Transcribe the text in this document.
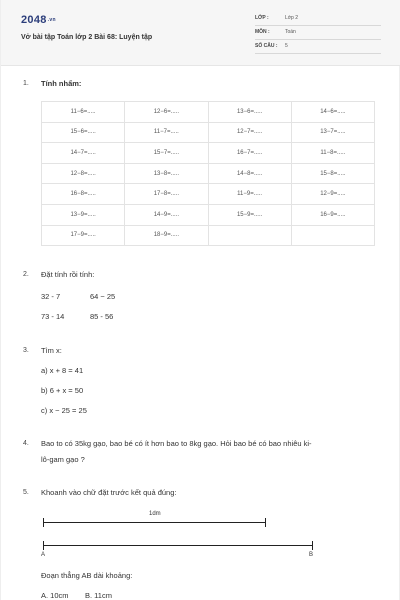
2048.vn
Vở bài tập Toán lớp 2 Bài 68: Luyện tập
LỚP :	Lớp 2
MÔN :	Toán
SỐ CÂU : 5
1. Tính nhẩm:
11−6=.....	12−6=.....	13−6=.....	14−6=.....
15−6=.....	11−7=.....	12−7=.....	13−7=.....
14−7=.....	15−7=.....	16−7=.....	11−8=.....
12−8=.....	13−8=.....	14−8=.....	15−8=.....
16−8=.....	17−8=.....	11−9=.....	12−9=.....
13−9=.....	14−9=.....	15−9=.....	16−9=.....
17−9=.....	18−9=.....		
2. Đặt tính rồi tính:
32 - 7	64 − 25
73 - 14	85 - 56
3. Tìm x:
a) x + 8 = 41
b) 6 + x = 50
c) x − 25 = 25
4. Bao to có 35kg gạo, bao bé có ít hơn bao to 8kg gạo. Hỏi bao bé có bao nhiêu ki-
lô-gam gạo ?
5. Khoanh vào chữ đặt trước kết quả đúng:
1dm
A	B
Đoạn thẳng AB dài khoảng:
A. 10cm B. 11cm
